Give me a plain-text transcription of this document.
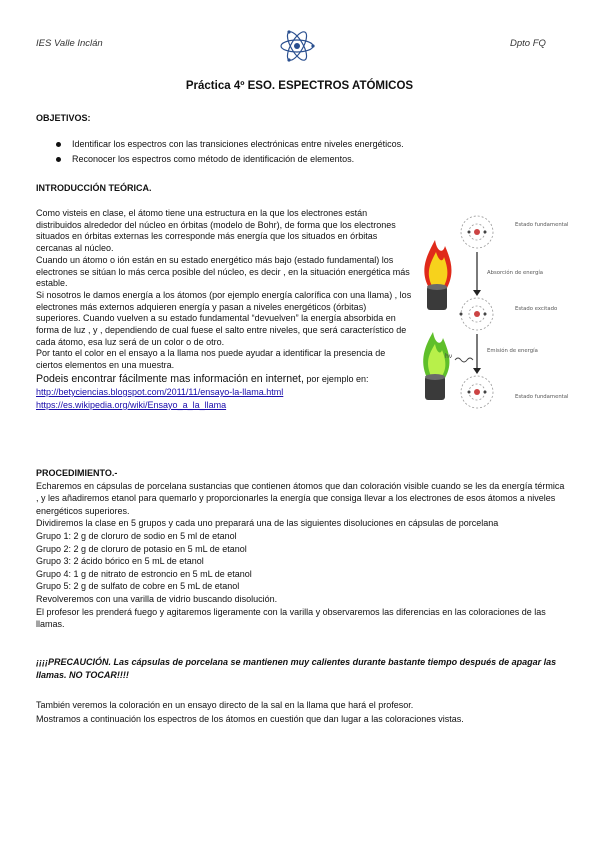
IES Valle Inclán	Dpto FQ
Práctica 4º ESO. ESPECTROS ATÓMICOS
OBJETIVOS:
Identificar los espectros con las transiciones electrónicas entre niveles energéticos.
Reconocer los espectros como método de identificación de elementos.
INTRODUCCIÓN TEÓRICA.

Como visteis en clase, el átomo tiene una estructura en la que los electrones están distribuidos alrededor del núcleo en órbitas (modelo de Bohr), de forma que los electrones situados en órbitas externas les corresponde más energía que los situados en órbitas cercanas al núcleo.

Cuando un átomo o ión están en su estado energético más bajo (estado fundamental) los electrones se sitúan lo más cerca posible del núcleo, es decir , en la situación energética más estable.

Si nosotros le damos energía a los átomos (por ejemplo energía calorífica con una llama) , los electrones más externos adquieren energía y pasan a niveles energéticos (órbitas) superiores. Cuando vuelven a su estado fundamental “devuelven” la energía absorbida en forma de luz , y , dependiendo de cual fuese el salto entre niveles, que será característico de cada átomo, esa luz será de un color o de otro.

Por tanto el color en el ensayo a la llama nos puede ayudar a identificar la presencia de ciertos elementos en una muestra.

Podeis encontrar fácilmente mas información en internet, por ejemplo en:

http://betyciencias.blogspot.com/2011/11/ensayo-la-llama.html
https://es.wikipedia.org/wiki/Ensayo_a_la_llama
hν
Estado fundamental
Absorción de energía
Estado excitado
Emisión de energía
Estado fundamental

PROCEDIMIENTO.-

Echaremos en cápsulas de porcelana sustancias que contienen átomos que dan coloración visible cuando se les da energía térmica , y les añadiremos etanol para quemarlo y proporcionarles la energía que consiga llevar a los electrones de esos átomos a niveles energéticos superiores.

Dividiremos la clase en 5 grupos y cada uno preparará una de las siguientes disoluciones en cápsulas de porcelana

Grupo 1: 2 g de cloruro de sodio en 5 ml de etanol

Grupo 2: 2 g de cloruro de potasio en 5 mL de etanol

Grupo 3: 2 ácido bórico en 5 mL de etanol

Grupo 4: 1 g de nitrato de estroncio en 5 mL de etanol

Grupo 5: 2 g de sulfato de cobre en 5 mL de etanol

Revolveremos con una varilla de vidrio buscando disolución.

El profesor les prenderá fuego y agitaremos ligeramente con la varilla y observaremos las diferencias en las coloraciones de las llamas.

¡¡¡¡PRECAUCIÓN. Las cápsulas de porcelana se mantienen muy calientes durante bastante tiempo después de apagar las llamas. NO TOCAR!!!!

También veremos la coloración en un ensayo directo de la sal en la llama que hará el profesor.

Mostramos a continuación los espectros de los átomos en cuestión que dan lugar a las coloraciones vistas.
